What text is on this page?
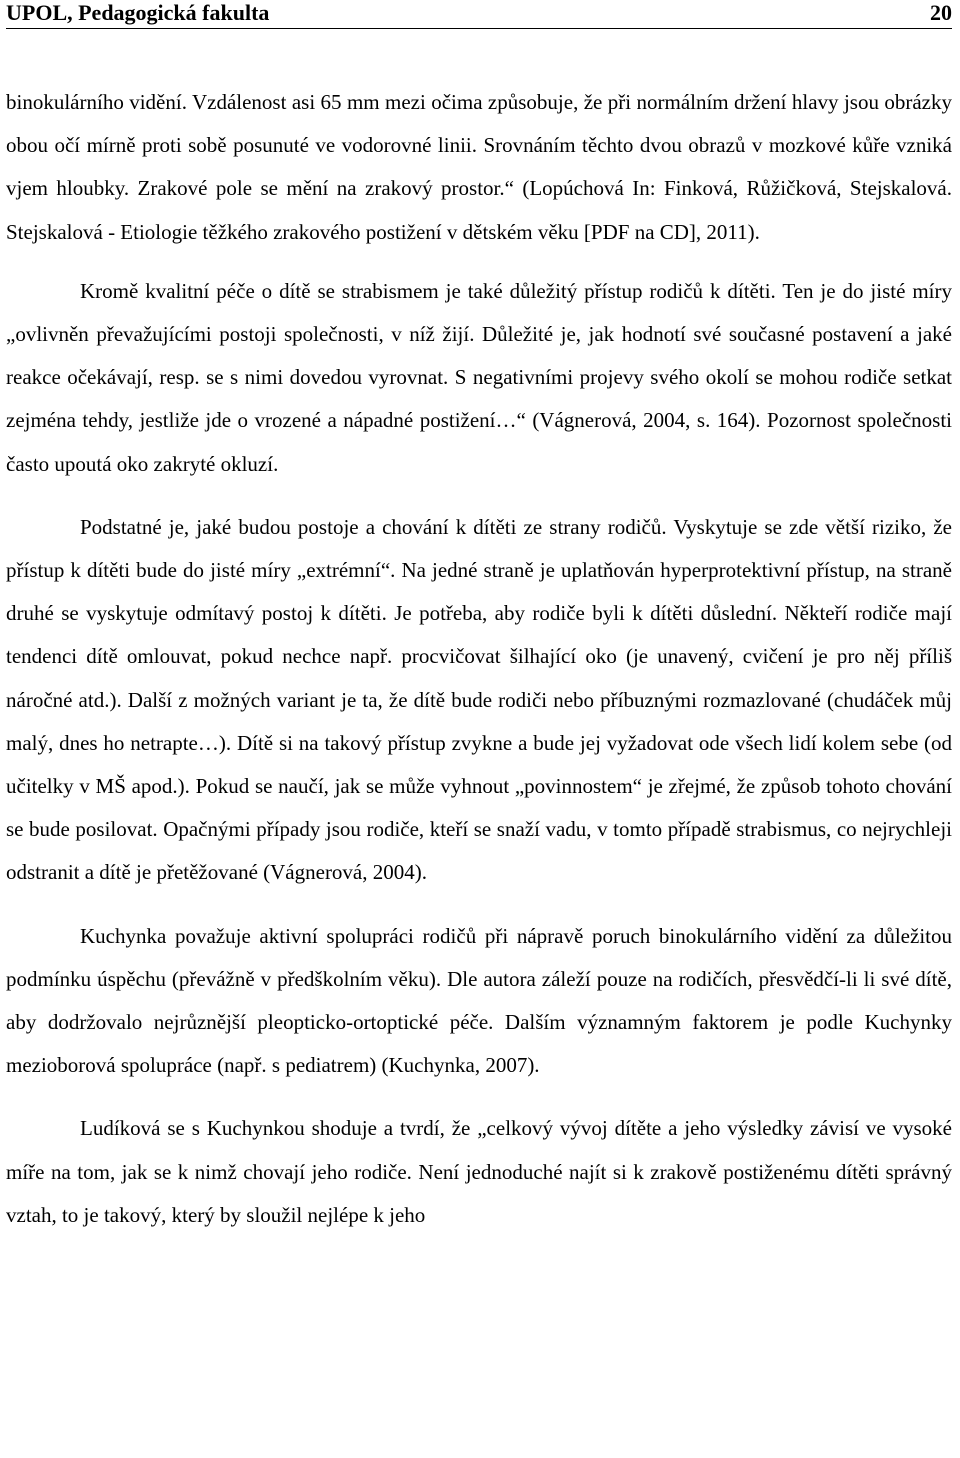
UPOL, Pedagogická fakulta	20

binokulárního vidění. Vzdálenost asi 65 mm mezi očima způsobuje, že při normálním držení hlavy jsou obrázky obou očí mírně proti sobě posunuté ve vodorovné linii. Srovnáním těchto dvou obrazů v mozkové kůře vzniká vjem hloubky. Zrakové pole se mění na zrakový prostor.“ (Lopúchová In: Finková, Růžičková, Stejskalová. Stejskalová - Etiologie těžkého zrakového postižení v dětském věku [PDF na CD], 2011).

Kromě kvalitní péče o dítě se strabismem je také důležitý přístup rodičů k dítěti. Ten je do jisté míry „ovlivněn převažujícími postoji společnosti, v níž žijí. Důležité je, jak hodnotí své současné postavení a jaké reakce očekávají, resp. se s nimi dovedou vyrovnat. S negativními projevy svého okolí se mohou rodiče setkat zejména tehdy, jestliže jde o vrozené a nápadné postižení…“ (Vágnerová, 2004, s. 164). Pozornost společnosti často upoutá oko zakryté okluzí.

Podstatné je, jaké budou postoje a chování k dítěti ze strany rodičů. Vyskytuje se zde větší riziko, že přístup k dítěti bude do jisté míry „extrémní“. Na jedné straně je uplatňován hyperprotektivní přístup, na straně druhé se vyskytuje odmítavý postoj k dítěti. Je potřeba, aby rodiče byli k dítěti důslední. Někteří rodiče mají tendenci dítě omlouvat, pokud nechce např. procvičovat šilhající oko (je unavený, cvičení je pro něj příliš náročné atd.). Další z možných variant je ta, že dítě bude rodiči nebo příbuznými rozmazlované (chudáček můj malý, dnes ho netrapte…). Dítě si na takový přístup zvykne a bude jej vyžadovat ode všech lidí kolem sebe (od učitelky v MŠ apod.). Pokud se naučí, jak se může vyhnout „povinnostem“ je zřejmé, že způsob tohoto chování se bude posilovat. Opačnými případy jsou rodiče, kteří se snaží vadu, v tomto případě strabismus, co nejrychleji odstranit a dítě je přetěžované (Vágnerová, 2004).

Kuchynka považuje aktivní spolupráci rodičů při nápravě poruch binokulárního vidění za důležitou podmínku úspěchu (převážně v předškolním věku). Dle autora záleží pouze na rodičích, přesvědčí-li li své dítě, aby dodržovalo nejrůznější pleopticko-ortoptické péče. Dalším významným faktorem je podle Kuchynky mezioborová spolupráce (např. s pediatrem) (Kuchynka, 2007).

Ludíková se s Kuchynkou shoduje a tvrdí, že „celkový vývoj dítěte a jeho výsledky závisí ve vysoké míře na tom, jak se k nimž chovají jeho rodiče. Není jednoduché najít si k zrakově postiženému dítěti správný vztah, to je takový, který by sloužil nejlépe k jeho
